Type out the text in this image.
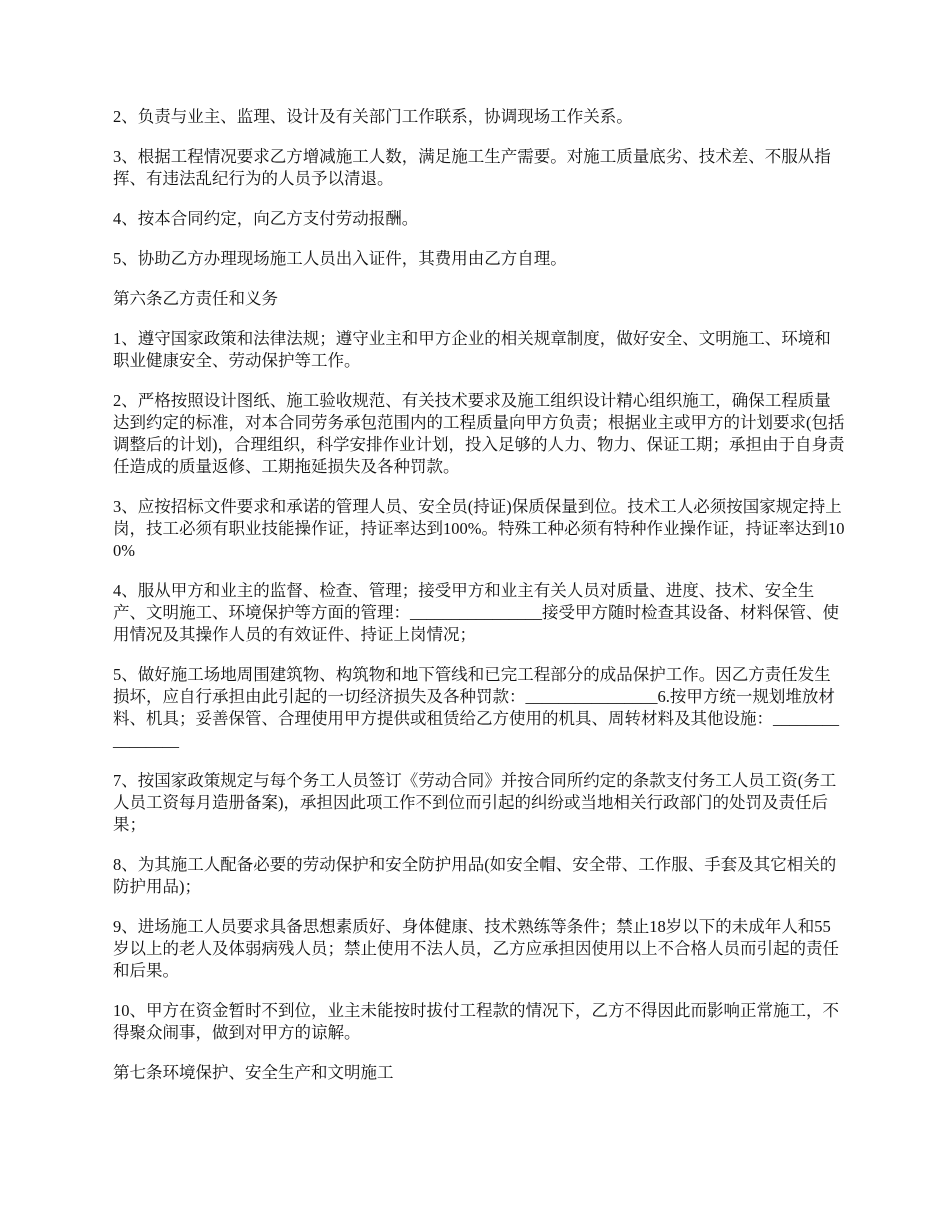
2、负责与业主、监理、设计及有关部门工作联系，协调现场工作关系。

3、根据工程情况要求乙方增减施工人数，满足施工生产需要。对施工质量底劣、技术差、不服从指挥、有违法乱纪行为的人员予以清退。

4、按本合同约定，向乙方支付劳动报酬。

5、协助乙方办理现场施工人员出入证件，其费用由乙方自理。

第六条乙方责任和义务

1、遵守国家政策和法律法规；遵守业主和甲方企业的相关规章制度，做好安全、文明施工、环境和职业健康安全、劳动保护等工作。

2、严格按照设计图纸、施工验收规范、有关技术要求及施工组织设计精心组织施工，确保工程质量达到约定的标准，对本合同劳务承包范围内的工程质量向甲方负责；根据业主或甲方的计划要求(包括调整后的计划)，合理组织，科学安排作业计划，投入足够的人力、物力、保证工期；承担由于自身责任造成的质量返修、工期拖延损失及各种罚款。

3、应按招标文件要求和承诺的管理人员、安全员(持证)保质保量到位。技术工人必须按国家规定持上岗，技工必须有职业技能操作证，持证率达到100%。特殊工种必须有特种作业操作证，持证率达到100%

4、服从甲方和业主的监督、检查、管理；接受甲方和业主有关人员对质量、进度、技术、安全生产、文明施工、环境保护等方面的管理：________________接受甲方随时检查其设备、材料保管、使用情况及其操作人员的有效证件、持证上岗情况；

5、做好施工场地周围建筑物、构筑物和地下管线和已完工程部分的成品保护工作。因乙方责任发生损坏，应自行承担由此引起的一切经济损失及各种罚款：________________6.按甲方统一规划堆放材料、机具；妥善保管、合理使用甲方提供或租赁给乙方使用的机具、周转材料及其他设施：________________

7、按国家政策规定与每个务工人员签订《劳动合同》并按合同所约定的条款支付务工人员工资(务工人员工资每月造册备案)，承担因此项工作不到位而引起的纠纷或当地相关行政部门的处罚及责任后果；

8、为其施工人配备必要的劳动保护和安全防护用品(如安全帽、安全带、工作服、手套及其它相关的防护用品)；

9、进场施工人员要求具备思想素质好、身体健康、技术熟练等条件；禁止18岁以下的未成年人和55岁以上的老人及体弱病残人员；禁止使用不法人员，乙方应承担因使用以上不合格人员而引起的责任和后果。

10、甲方在资金暂时不到位，业主未能按时拔付工程款的情况下，乙方不得因此而影响正常施工，不得聚众闹事，做到对甲方的谅解。

第七条环境保护、安全生产和文明施工
